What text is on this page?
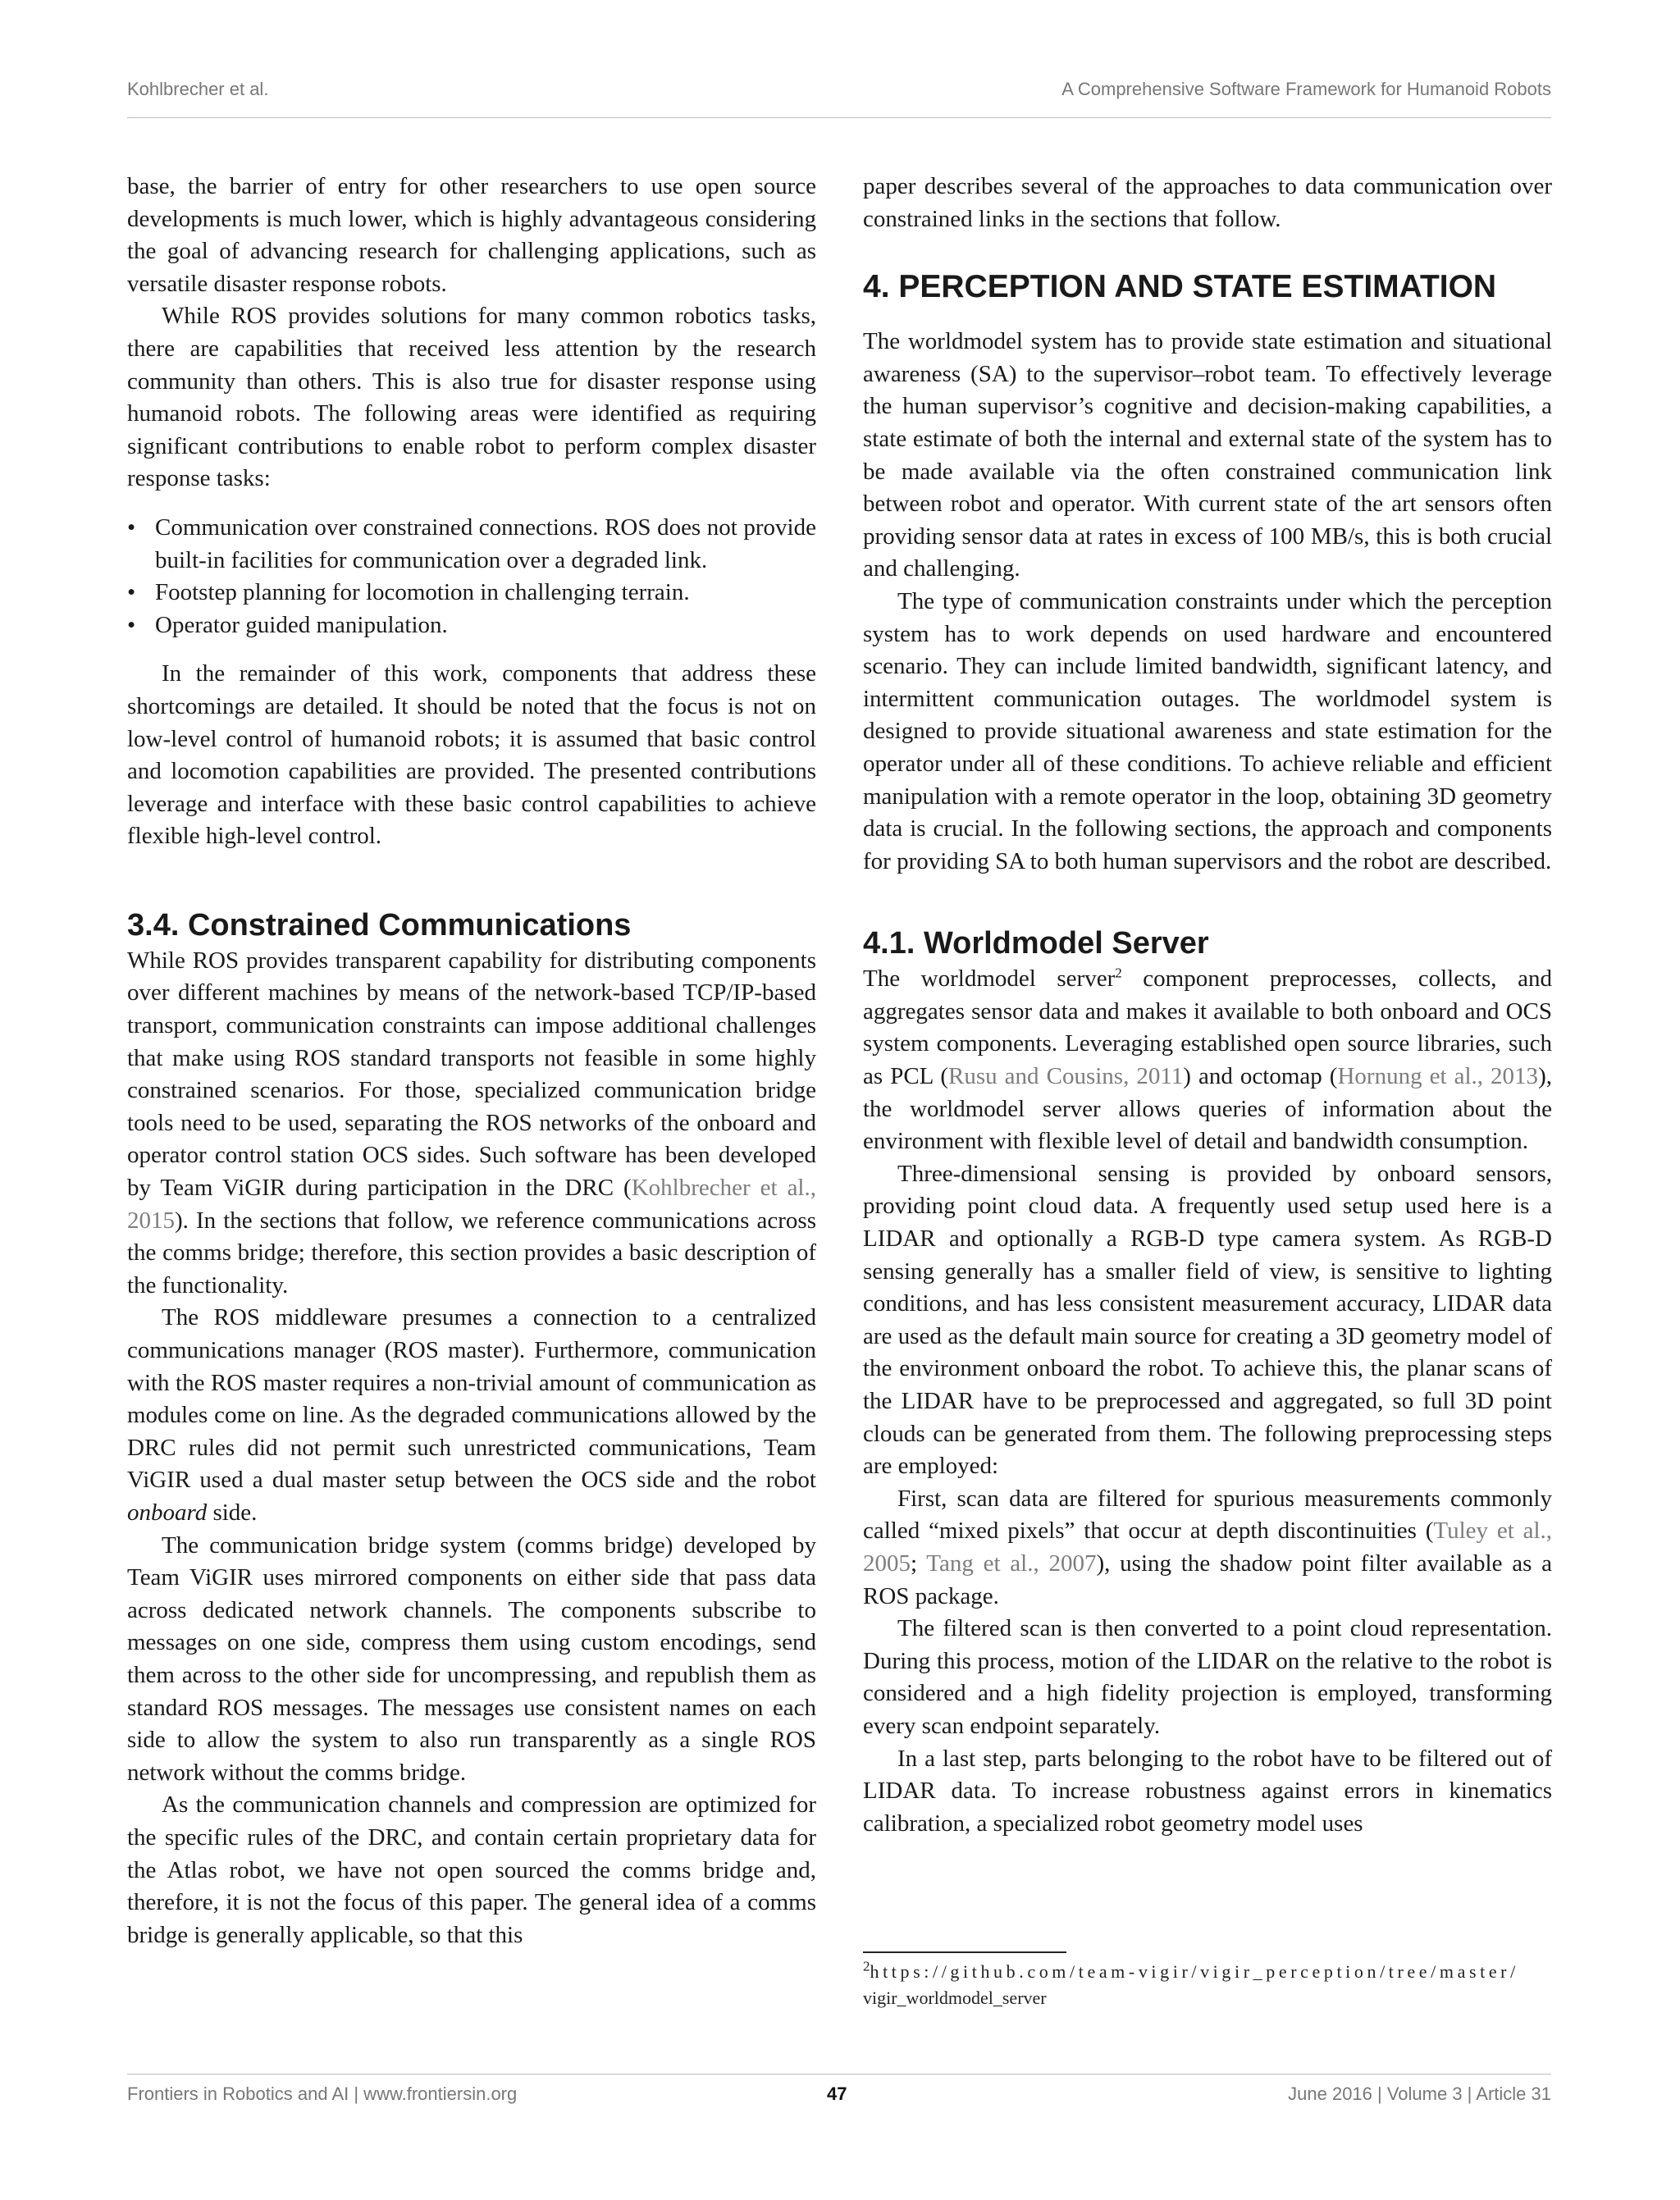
Kohlbrecher et al.	A Comprehensive Software Framework for Humanoid Robots

base, the barrier of entry for other researchers to use open source developments is much lower, which is highly advantageous considering the goal of advancing research for challenging applications, such as versatile disaster response robots.

While ROS provides solutions for many common robotics tasks, there are capabilities that received less attention by the research community than others. This is also true for disaster response using humanoid robots. The following areas were identified as requiring significant contributions to enable robot to perform complex disaster response tasks:

• Communication over constrained connections. ROS does not provide built-in facilities for communication over a degraded link.
• Footstep planning for locomotion in challenging terrain.
• Operator guided manipulation.

In the remainder of this work, components that address these shortcomings are detailed. It should be noted that the focus is not on low-level control of humanoid robots; it is assumed that basic control and locomotion capabilities are provided. The presented contributions leverage and interface with these basic control capabilities to achieve flexible high-level control.

3.4. Constrained Communications

While ROS provides transparent capability for distributing components over different machines by means of the network-based TCP/IP-based transport, communication constraints can impose additional challenges that make using ROS standard transports not feasible in some highly constrained scenarios. For those, specialized communication bridge tools need to be used, separating the ROS networks of the onboard and operator control station OCS sides. Such software has been developed by Team ViGIR during participation in the DRC (Kohlbrecher et al., 2015). In the sections that follow, we reference communications across the comms bridge; therefore, this section provides a basic description of the functionality.

The ROS middleware presumes a connection to a centralized communications manager (ROS master). Furthermore, communication with the ROS master requires a non-trivial amount of communication as modules come on line. As the degraded communications allowed by the DRC rules did not permit such unrestricted communications, Team ViGIR used a dual master setup between the OCS side and the robot onboard side.

The communication bridge system (comms bridge) developed by Team ViGIR uses mirrored components on either side that pass data across dedicated network channels. The components subscribe to messages on one side, compress them using custom encodings, send them across to the other side for uncompressing, and republish them as standard ROS messages. The messages use consistent names on each side to allow the system to also run transparently as a single ROS network without the comms bridge.

As the communication channels and compression are optimized for the specific rules of the DRC, and contain certain proprietary data for the Atlas robot, we have not open sourced the comms bridge and, therefore, it is not the focus of this paper. The general idea of a comms bridge is generally applicable, so that this

paper describes several of the approaches to data communication over constrained links in the sections that follow.

4. PERCEPTION AND STATE ESTIMATION

The worldmodel system has to provide state estimation and situational awareness (SA) to the supervisor–robot team. To effectively leverage the human supervisor’s cognitive and decision-making capabilities, a state estimate of both the internal and external state of the system has to be made available via the often constrained communication link between robot and operator. With current state of the art sensors often providing sensor data at rates in excess of 100 MB/s, this is both crucial and challenging.

The type of communication constraints under which the perception system has to work depends on used hardware and encountered scenario. They can include limited bandwidth, significant latency, and intermittent communication outages. The worldmodel system is designed to provide situational awareness and state estimation for the operator under all of these conditions. To achieve reliable and efficient manipulation with a remote operator in the loop, obtaining 3D geometry data is crucial. In the following sections, the approach and components for providing SA to both human supervisors and the robot are described.

4.1. Worldmodel Server

The worldmodel server$^2$ component preprocesses, collects, and aggregates sensor data and makes it available to both onboard and OCS system components. Leveraging established open source libraries, such as PCL (Rusu and Cousins, 2011) and octomap (Hornung et al., 2013), the worldmodel server allows queries of information about the environment with flexible level of detail and bandwidth consumption.

Three-dimensional sensing is provided by onboard sensors, providing point cloud data. A frequently used setup used here is a LIDAR and optionally a RGB-D type camera system. As RGB-D sensing generally has a smaller field of view, is sensitive to lighting conditions, and has less consistent measurement accuracy, LIDAR data are used as the default main source for creating a 3D geometry model of the environment onboard the robot. To achieve this, the planar scans of the LIDAR have to be preprocessed and aggregated, so full 3D point clouds can be generated from them. The following preprocessing steps are employed:

First, scan data are filtered for spurious measurements commonly called “mixed pixels” that occur at depth discontinuities (Tuley et al., 2005; Tang et al., 2007), using the shadow point filter available as a ROS package.

The filtered scan is then converted to a point cloud representation. During this process, motion of the LIDAR on the relative to the robot is considered and a high fidelity projection is employed, transforming every scan endpoint separately.

In a last step, parts belonging to the robot have to be filtered out of LIDAR data. To increase robustness against errors in kinematics calibration, a specialized robot geometry model uses

$^2$https://github.com/team-vigir/vigir_perception/tree/master/
vigir_worldmodel_server
Frontiers in Robotics and AI | www.frontiersin.org	47	June 2016 | Volume 3 | Article 31
